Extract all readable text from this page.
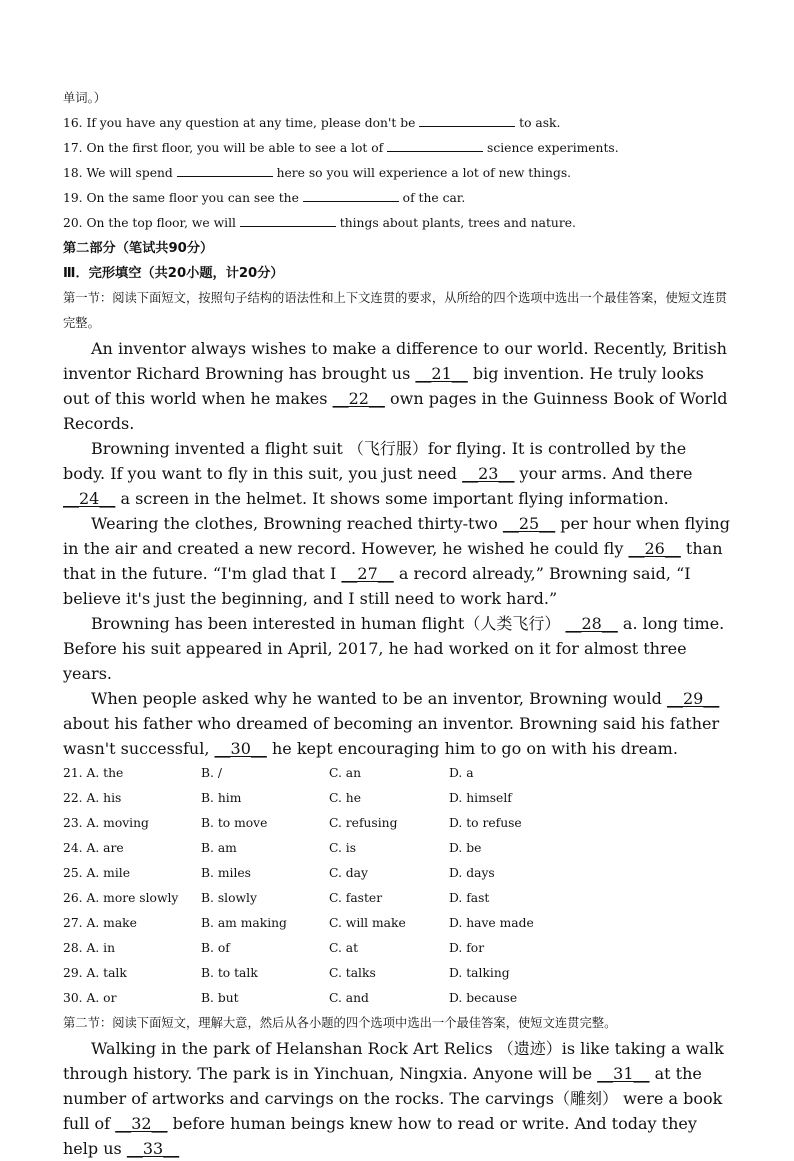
单词。）
16. If you have any question at any time, please don't be	to ask.
17. On the first floor, you will be able to see a lot of	science experiments.
18. We will spend	here so you will experience a lot of new things.
19. On the same floor you can see the	of the car.
20. On the top floor, we will	things about plants, trees and nature.
第二部分（笔试共90分）
Ⅲ．完形填空（共20小题，计20分）
第一节：阅读下面短文，按照句子结构的语法性和上下文连贯的要求，从所给的四个选项中选出一个最佳答案，使短文连贯完整。
An inventor always wishes to make a difference to our world. Recently, British inventor Richard Browning has brought us __21__ big invention. He truly looks out of this world when he makes __22__ own pages in the Guinness Book of World Records.
Browning invented a flight suit （飞行服）for flying. It is controlled by the body. If you want to fly in this suit, you just need __23__ your arms. And there __24__ a screen in the helmet. It shows some important flying information.
Wearing the clothes, Browning reached thirty-two __25__ per hour when flying in the air and created a new record. However, he wished he could fly __26__ than that in the future. “I'm glad that I __27__ a record already,” Browning said, “I believe it's just the beginning, and I still need to work hard.”
Browning has been interested in human flight（人类飞行） __28__ a. long time. Before his suit appeared in April, 2017, he had worked on it for almost three years.
When people asked why he wanted to be an inventor, Browning would __29__ about his father who dreamed of becoming an inventor. Browning said his father wasn't successful, __30__ he kept encouraging him to go on with his dream.
21. A. the	B. /	C. an	D. a
22. A. his	B. him	C. he	D. himself
23. A. moving	B. to move	C. refusing	D. to refuse
24. A. are	B. am	C. is	D. be
25. A. mile	B. miles	C. day	D. days
26. A. more slowly	B. slowly	C. faster	D. fast
27. A. make	B. am making	C. will make	D. have made
28. A. in	B. of	C. at	D. for
29. A. talk	B. to talk	C. talks	D. talking
30. A. or	B. but	C. and	D. because
第二节：阅读下面短文，理解大意，然后从各小题的四个选项中选出一个最佳答案，使短文连贯完整。
Walking in the park of Helanshan Rock Art Relics （遗迹）is like taking a walk through history. The park is in Yinchuan, Ningxia. Anyone will be __31__ at the number of artworks and carvings on the rocks. The carvings（雕刻） were a book full of __32__ before human beings knew how to read or write. And today they help us __33__
